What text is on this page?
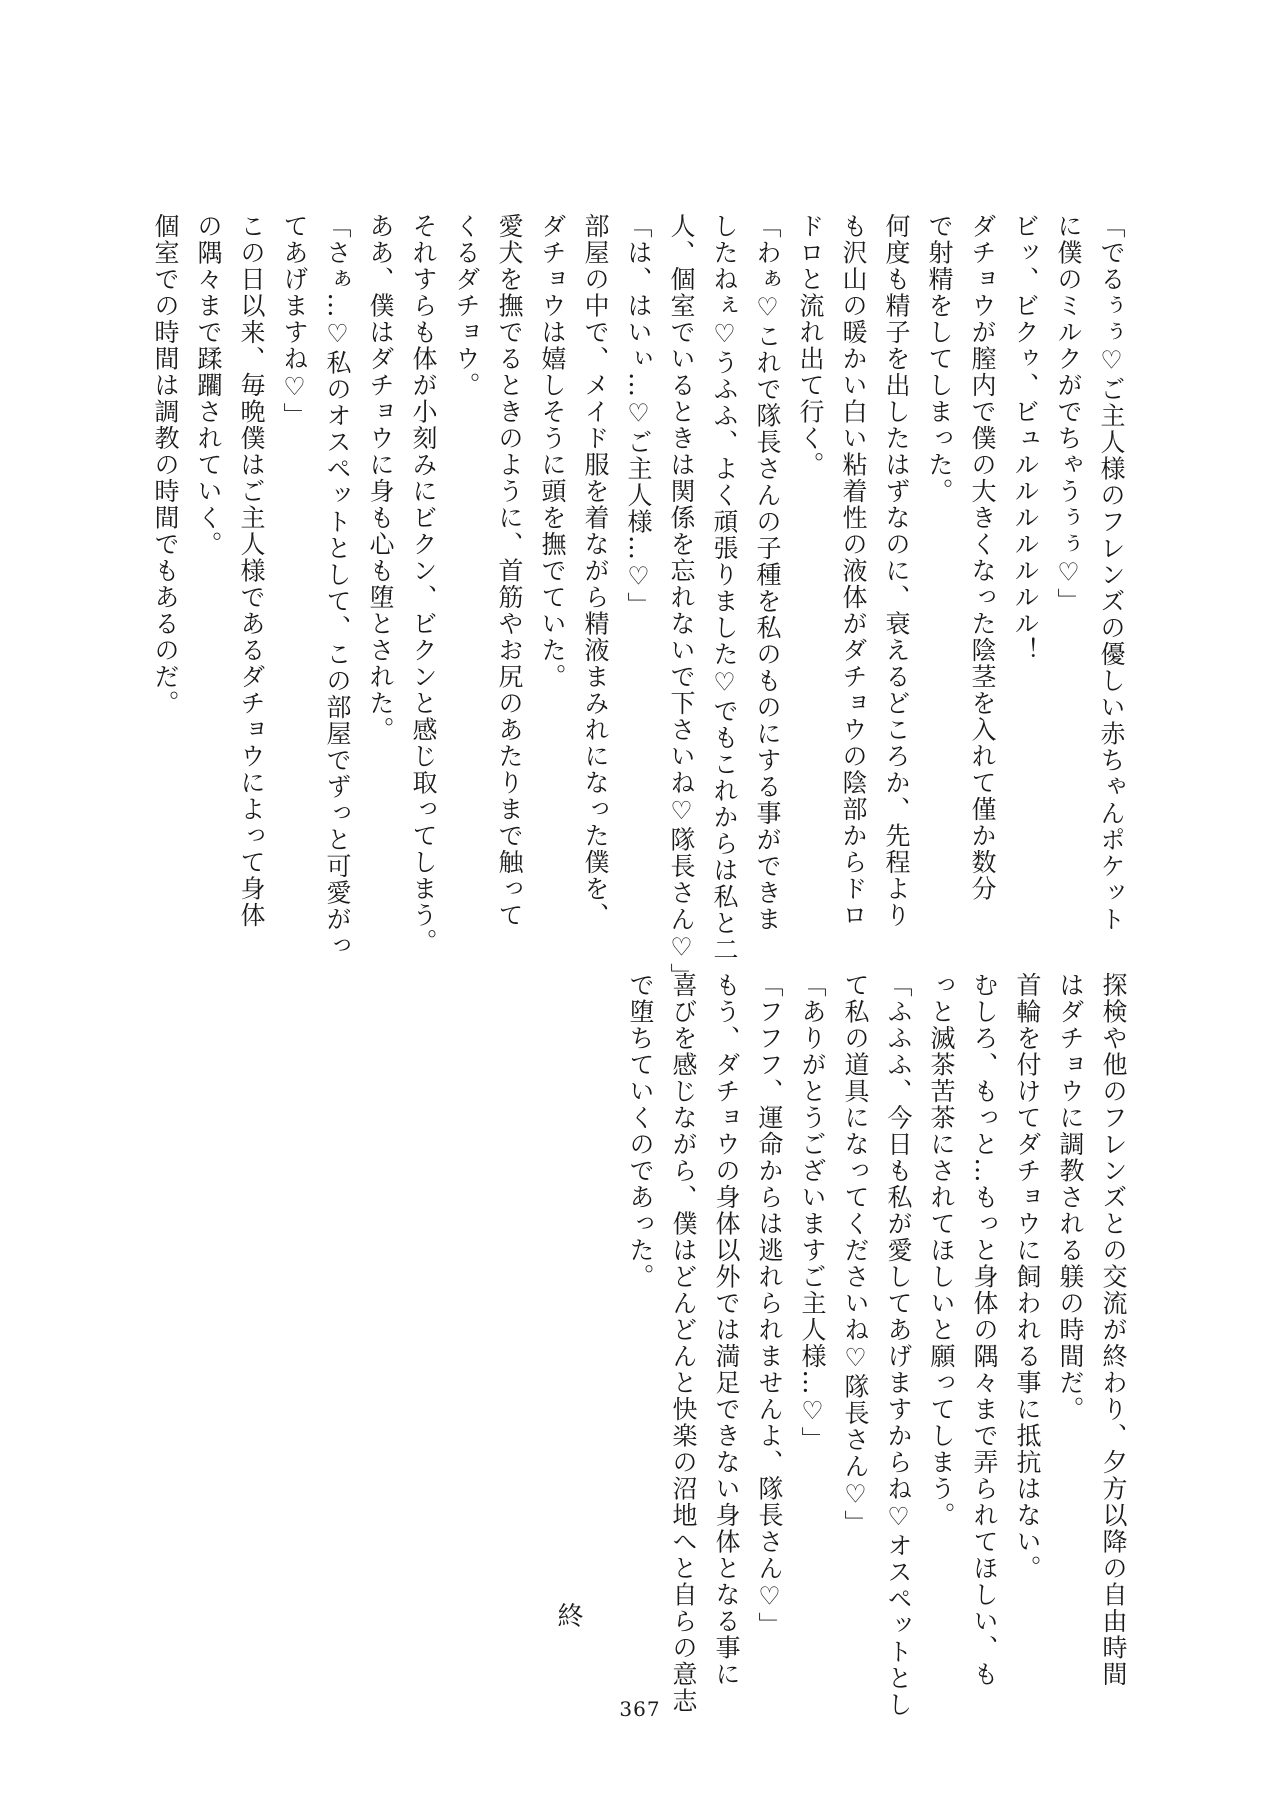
「でるぅぅ♡ご主人様のフレンズの優しい赤ちゃんポケット

に僕のミルクがでちゃうぅぅ♡」

ビッ、ビクゥ、ビュルルルルルルル！

ダチョウが膣内で僕の大きくなった陰茎を入れて僅か数分

で射精をしてしまった。

何度も精子を出したはずなのに、衰えるどころか、先程より

も沢山の暖かい白い粘着性の液体がダチョウの陰部からドロ

ドロと流れ出て行く。

「わぁ♡これで隊長さんの子種を私のものにする事ができま

したねぇ♡うふふ、よく頑張りました♡でもこれからは私と二

人、個室でいるときは関係を忘れないで下さいね♡隊長さん♡」

「は、はいぃ…♡ご主人様…♡」

部屋の中で、メイド服を着ながら精液まみれになった僕を、

ダチョウは嬉しそうに頭を撫でていた。

愛犬を撫でるときのように、首筋やお尻のあたりまで触って

くるダチョウ。

それすらも体が小刻みにビクン、ビクンと感じ取ってしまう。

ああ、僕はダチョウに身も心も堕とされた。

「さぁ…♡私のオスペットとして、この部屋でずっと可愛がっ

てあげますね♡」

この日以来、毎晩僕はご主人様であるダチョウによって身体

の隅々まで蹂躙されていく。

個室での時間は調教の時間でもあるのだ。

探検や他のフレンズとの交流が終わり、夕方以降の自由時間

はダチョウに調教される躾の時間だ。

首輪を付けてダチョウに飼われる事に抵抗はない。

むしろ、もっと…もっと身体の隅々まで弄られてほしい、も

っと滅茶苦茶にされてほしいと願ってしまう。

「ふふふ、今日も私が愛してあげますからね♡オスペットとし

て私の道具になってくださいね♡隊長さん♡」

「ありがとうございますご主人様…♡」

「フフフ、運命からは逃れられませんよ、隊長さん♡」

もう、ダチョウの身体以外では満足できない身体となる事に

喜びを感じながら、僕はどんどんと快楽の沼地へと自らの意志

で堕ちていくのであった。

終
367
